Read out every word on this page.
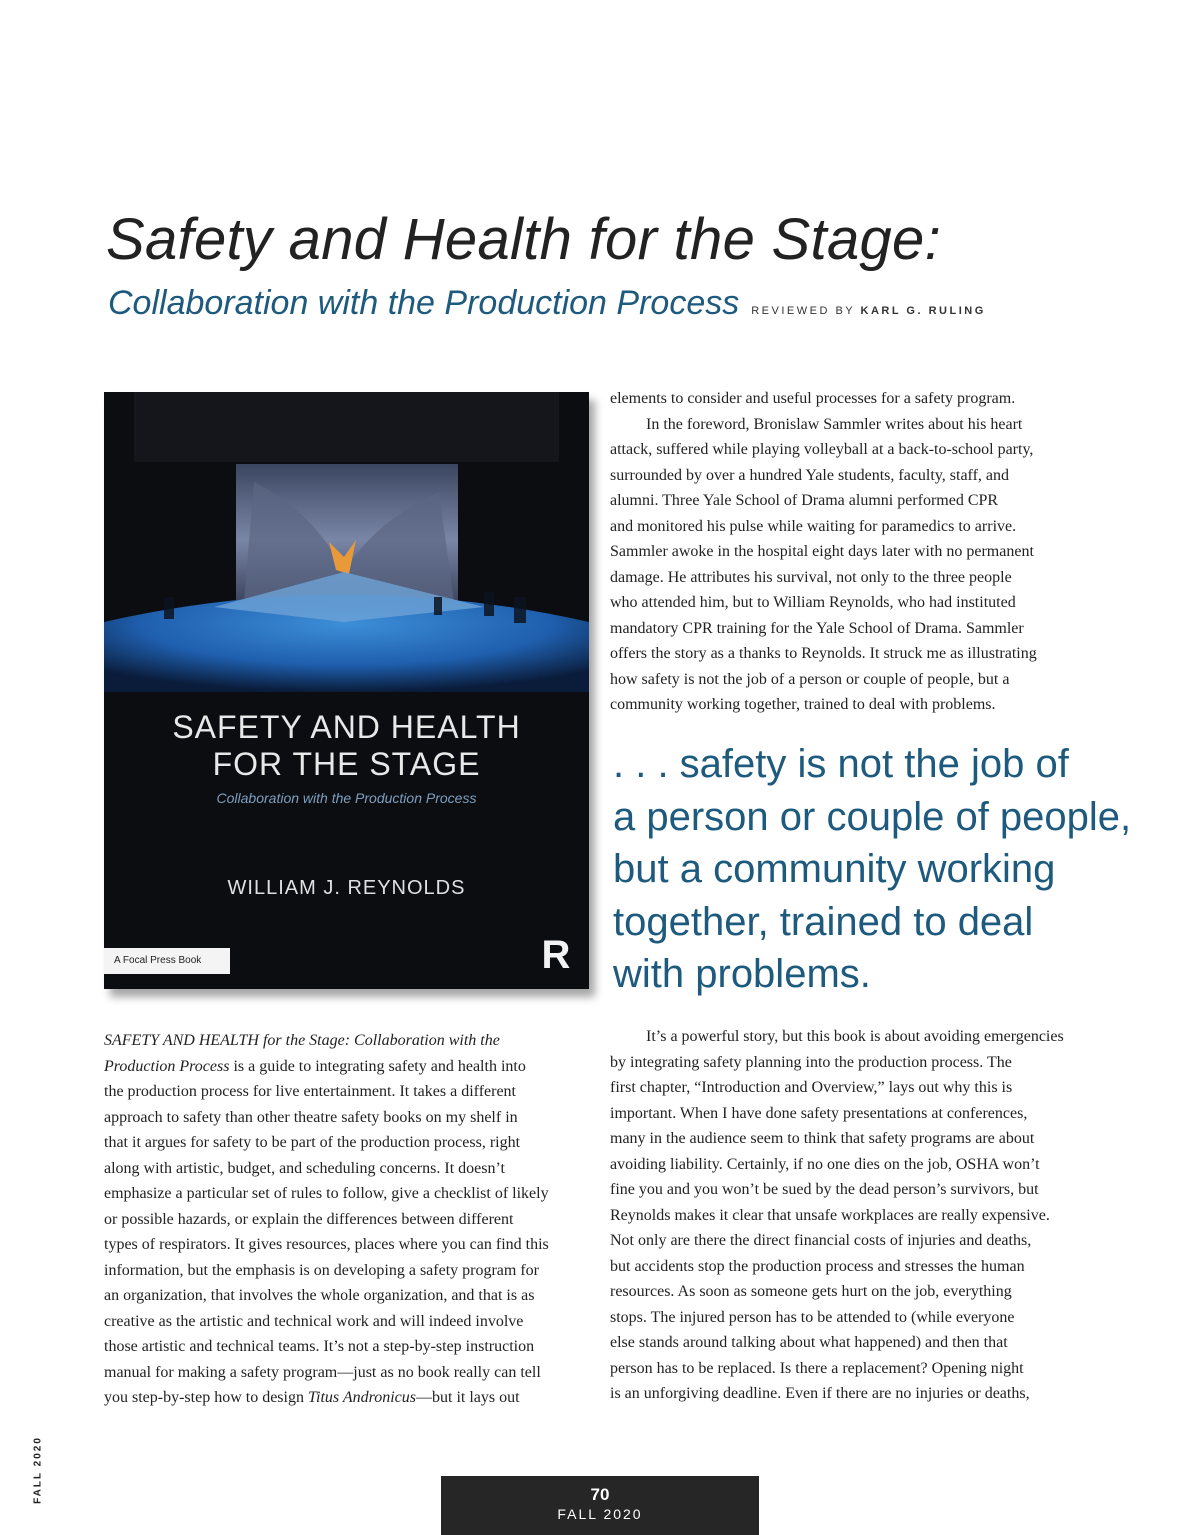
Safety and Health for the Stage:
Collaboration with the Production Process REVIEWED BY KARL G. RULING
SAFETY AND HEALTH
FOR THE STAGE
Collaboration with the Production Process
WILLIAM J. REYNOLDS
A Focal Press Book	R
elements to consider and useful processes for a safety program.
In the foreword, Bronislaw Sammler writes about his heart
attack, suffered while playing volleyball at a back-to-school party,
surrounded by over a hundred Yale students, faculty, staff, and
alumni. Three Yale School of Drama alumni performed CPR
and monitored his pulse while waiting for paramedics to arrive.
Sammler awoke in the hospital eight days later with no permanent
damage. He attributes his survival, not only to the three people
who attended him, but to William Reynolds, who had instituted
mandatory CPR training for the Yale School of Drama. Sammler
offers the story as a thanks to Reynolds. It struck me as illustrating
how safety is not the job of a person or couple of people, but a
community working together, trained to deal with problems.
. . . safety is not the job of
a person or couple of people,
but a community working
together, trained to deal
with problems.
It’s a powerful story, but this book is about avoiding emergencies
by integrating safety planning into the production process. The
first chapter, “Introduction and Overview,” lays out why this is
important. When I have done safety presentations at conferences,
many in the audience seem to think that safety programs are about
avoiding liability. Certainly, if no one dies on the job, OSHA won’t
fine you and you won’t be sued by the dead person’s survivors, but
Reynolds makes it clear that unsafe workplaces are really expensive.
Not only are there the direct financial costs of injuries and deaths,
but accidents stop the production process and stresses the human
resources. As soon as someone gets hurt on the job, everything
stops. The injured person has to be attended to (while everyone
else stands around talking about what happened) and then that
person has to be replaced. Is there a replacement? Opening night
is an unforgiving deadline. Even if there are no injuries or deaths,
SAFETY AND HEALTH for the Stage: Collaboration with the
Production Process is a guide to integrating safety and health into
the production process for live entertainment. It takes a different
approach to safety than other theatre safety books on my shelf in
that it argues for safety to be part of the production process, right
along with artistic, budget, and scheduling concerns. It doesn’t
emphasize a particular set of rules to follow, give a checklist of likely
or possible hazards, or explain the differences between different
types of respirators. It gives resources, places where you can find this
information, but the emphasis is on developing a safety program for
an organization, that involves the whole organization, and that is as
creative as the artistic and technical work and will indeed involve
those artistic and technical teams. It’s not a step-by-step instruction
manual for making a safety program—just as no book really can tell
you step-by-step how to design Titus Andronicus—but it lays out
FALL 2020	70
FALL 2020
